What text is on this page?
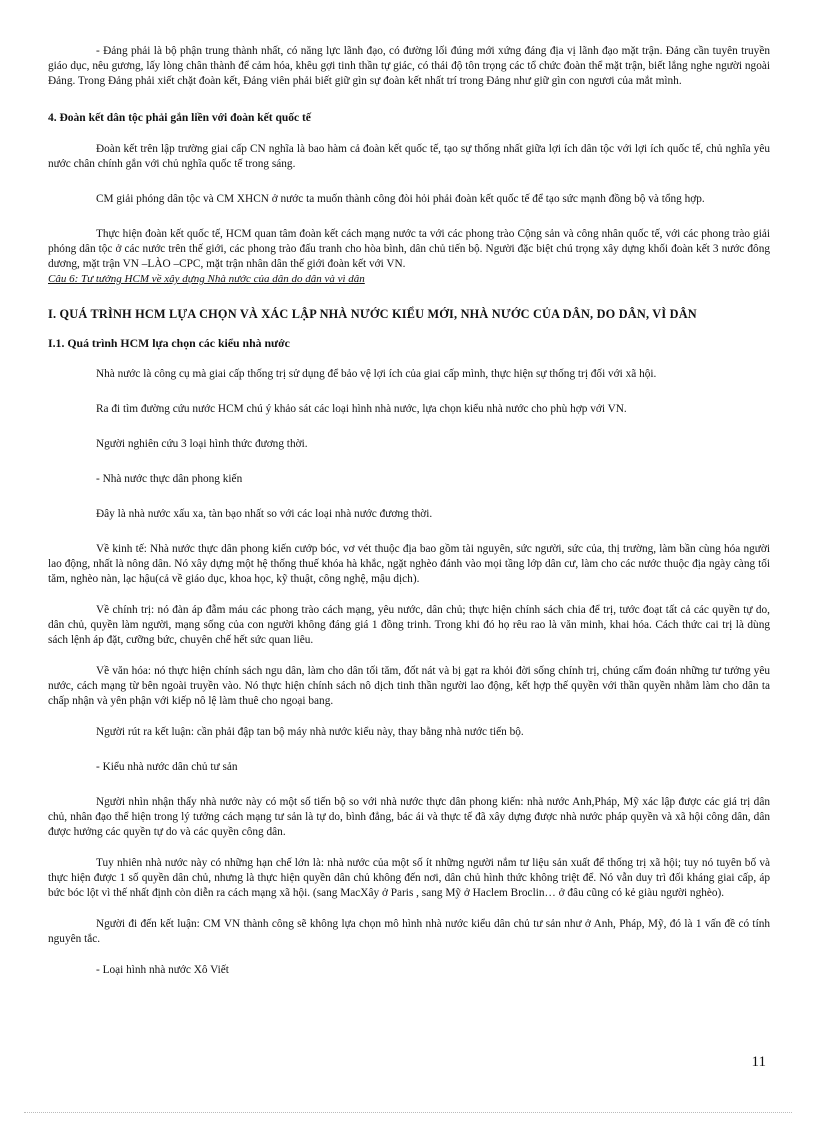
- Đảng phải là bộ phận trung thành nhất, có năng lực lãnh đạo, có đường lối đúng mới xứng đáng địa vị lãnh đạo mặt trận. Đảng cần tuyên truyền giáo dục, nêu gương, lấy lòng chân thành để cảm hóa, khêu gợi tinh thần tự giác, có thái độ tôn trọng các tổ chức đoàn thể mặt trận, biết lắng nghe người ngoài Đảng. Trong Đảng phải xiết chặt đoàn kết, Đảng viên phải biết giữ gìn sự đoàn kết nhất trí trong Đảng như giữ gìn con ngươi của mắt mình.

4. Đoàn kết dân tộc phải gắn liền với đoàn kết quốc tế

Đoàn kết trên lập trường giai cấp CN nghĩa là bao hàm cả đoàn kết quốc tế, tạo sự thống nhất giữa lợi ích dân tộc với lợi ích quốc tế, chủ nghĩa yêu nước chân chính gắn với chủ nghĩa quốc tế trong sáng.

CM giải phóng dân tộc và CM XHCN ở nước ta muốn thành công đòi hỏi phải đoàn kết quốc tế để tạo sức mạnh đồng bộ và tổng hợp.

Thực hiện đoàn kết quốc tế, HCM quan tâm đoàn kết cách mạng nước ta với các phong trào Cộng sản và công nhân quốc tế, với các phong trào giải phóng dân tộc ở các nước trên thế giới, các phong trào đấu tranh cho hòa bình, dân chủ tiến bộ. Người đặc biệt chú trọng xây dựng khối đoàn kết 3 nước đông dương, mặt trận VN –LÀO –CPC, mặt trận nhân dân thế giới đoàn kết với VN.

Câu 6: Tư tưởng HCM về xây dựng Nhà nước của dân do dân và vì dân

I. QUÁ TRÌNH HCM LỰA CHỌN VÀ XÁC LẬP NHÀ NƯỚC KIỂU MỚI, NHÀ NƯỚC CỦA DÂN, DO DÂN, VÌ DÂN

I.1. Quá trình HCM lựa chọn các kiểu nhà nước

Nhà nước là công cụ mà giai cấp thống trị sử dụng để bảo vệ lợi ích của giai cấp mình, thực hiện sự thống trị đối với xã hội.

Ra đi tìm đường cứu nước HCM chú ý khảo sát các loại hình nhà nước, lựa chọn kiểu nhà nước cho phù hợp với VN.

Người nghiên cứu 3 loại hình thức đương thời.

- Nhà nước thực dân phong kiến

Đây là nhà nước xấu xa, tàn bạo nhất so với các loại nhà nước đương thời.

Về kinh tế: Nhà nước thực dân phong kiến cướp bóc, vơ vét thuộc địa bao gồm tài nguyên, sức người, sức của, thị trường, làm bần cùng hóa người lao động, nhất là nông dân. Nó xây dựng một hệ thống thuế khóa hà khắc, ngặt nghèo đánh vào mọi tầng lớp dân cư, làm cho các nước thuộc địa ngày càng tối tăm, nghèo nàn, lạc hậu(cả về giáo dục, khoa học, kỹ thuật, công nghệ, mậu dịch).

Về chính trị: nó đàn áp đẫm máu các phong trào cách mạng, yêu nước, dân chủ; thực hiện chính sách chia để trị, tước đoạt tất cả các quyền tự do, dân chủ, quyền làm người, mạng sống của con người không đáng giá 1 đồng trinh. Trong khi đó họ rêu rao là văn minh, khai hóa. Cách thức cai trị là dùng sách lệnh áp đặt, cưỡng bức, chuyên chế hết sức quan liêu.

Về văn hóa: nó thực hiện chính sách ngu dân, làm cho dân tối tăm, đốt nát và bị gạt ra khỏi đời sống chính trị, chúng cấm đoán những tư tưởng yêu nước, cách mạng từ bên ngoài truyền vào. Nó thực hiện chính sách nô dịch tinh thần người lao động, kết hợp thế quyền với thần quyền nhằm làm cho dân ta chấp nhận và yên phận với kiếp nô lệ làm thuê cho ngoại bang.

Người rút ra kết luận: cần phải đập tan bộ máy nhà nước kiểu này, thay bằng nhà nước tiến bộ.

- Kiểu nhà nước dân chủ tư sản

Người nhìn nhận thấy nhà nước này có một số tiến bộ so với nhà nước thực dân phong kiến: nhà nước Anh,Pháp, Mỹ xác lập được các giá trị dân chủ, nhân đạo thể hiện trong lý tưởng cách mạng tư sản là tự do, bình đẳng, bác ái và thực tế đã xây dựng được nhà nước pháp quyền và xã hội công dân, dân được hưởng các quyền tự do và các quyền công dân.

Tuy nhiên nhà nước này có những hạn chế lớn là: nhà nước của một số ít những người nắm tư liệu sản xuất để thống trị xã hội; tuy nó tuyên bố và thực hiện được 1 số quyền dân chủ, nhưng là thực hiện quyền dân chủ không đến nơi, dân chủ hình thức không triệt để. Nó vẫn duy trì đối kháng giai cấp, áp bức bóc lột vì thế nhất định còn diễn ra cách mạng xã hội. (sang MacXây ở Paris , sang Mỹ ở Haclem Broclin… ở đâu cũng có kẻ giàu người nghèo).

Người đi đến kết luận: CM VN thành công sẽ không lựa chọn mô hình nhà nước kiểu dân chủ tư sản như ở Anh, Pháp, Mỹ, đó là 1 vấn đề có tính nguyên tắc.

- Loại hình nhà nước Xô Viết

11
